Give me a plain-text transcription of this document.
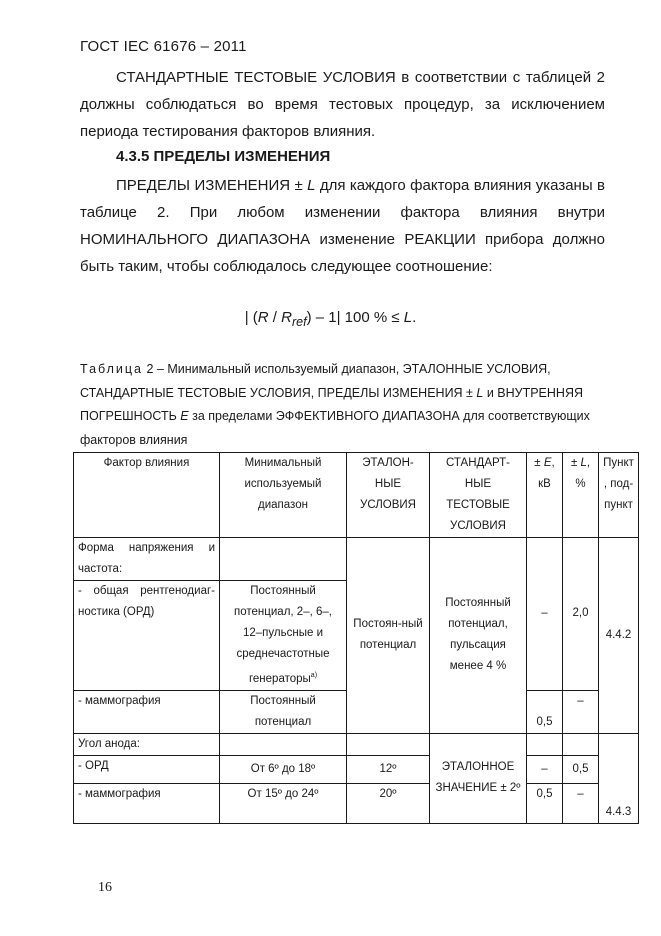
ГОСТ IEC 61676 – 2011
СТАНДАРТНЫЕ ТЕСТОВЫЕ УСЛОВИЯ в соответствии с таблицей 2 должны соблюдаться во время тестовых процедур, за исключением периода тестирования факторов влияния.
4.3.5 ПРЕДЕЛЫ ИЗМЕНЕНИЯ
ПРЕДЕЛЫ ИЗМЕНЕНИЯ ± L для каждого фактора влияния указаны в таблице 2. При любом изменении фактора влияния внутри НОМИНАЛЬНОГО ДИАПАЗОНА изменение РЕАКЦИИ прибора должно быть таким, чтобы соблюдалось следующее соотношение:
| $(R / R_{ref}) - 1|$ 100 % ≤ L.
Таблица 2 – Минимальный используемый диапазон, ЭТАЛОННЫЕ УСЛОВИЯ, СТАНДАРТНЫЕ ТЕСТОВЫЕ УСЛОВИЯ, ПРЕДЕЛЫ ИЗМЕНЕНИЯ ± L и ВНУТРЕННЯЯ ПОГРЕШНОСТЬ E за пределами ЭФФЕКТИВНОГО ДИАПАЗОНА для соответствующих факторов влияния
Фактор влияния	Минимальный используемый диапазон	ЭТАЛОН-НЫЕ УСЛОВИЯ	СТАНДАРТ-НЫЕ ТЕСТОВЫЕ УСЛОВИЯ	± E, кВ	± L, %	Пункт , под-пункт
Форма напряжения и частота:		Постоян-ный потенциал	Постоянный потенциал, пульсация менее 4 %	–	2,0	4.4.2
- общая рентгенодиаг-ностика (ОРД)	Постоянный потенциал, 2–, 6–, 12–пульсные и среднечастотные генераторы$^{а)}$
- маммография	Постоянный потенциал			0,5	–	
Угол анода:			ЭТАЛОННОЕ ЗНАЧЕНИЕ ± 2º			4.4.3
- ОРД	От 6º до 18º	12º		–	0,5	
- маммография	От 15º до 24º	20º		0,5	–	
16
